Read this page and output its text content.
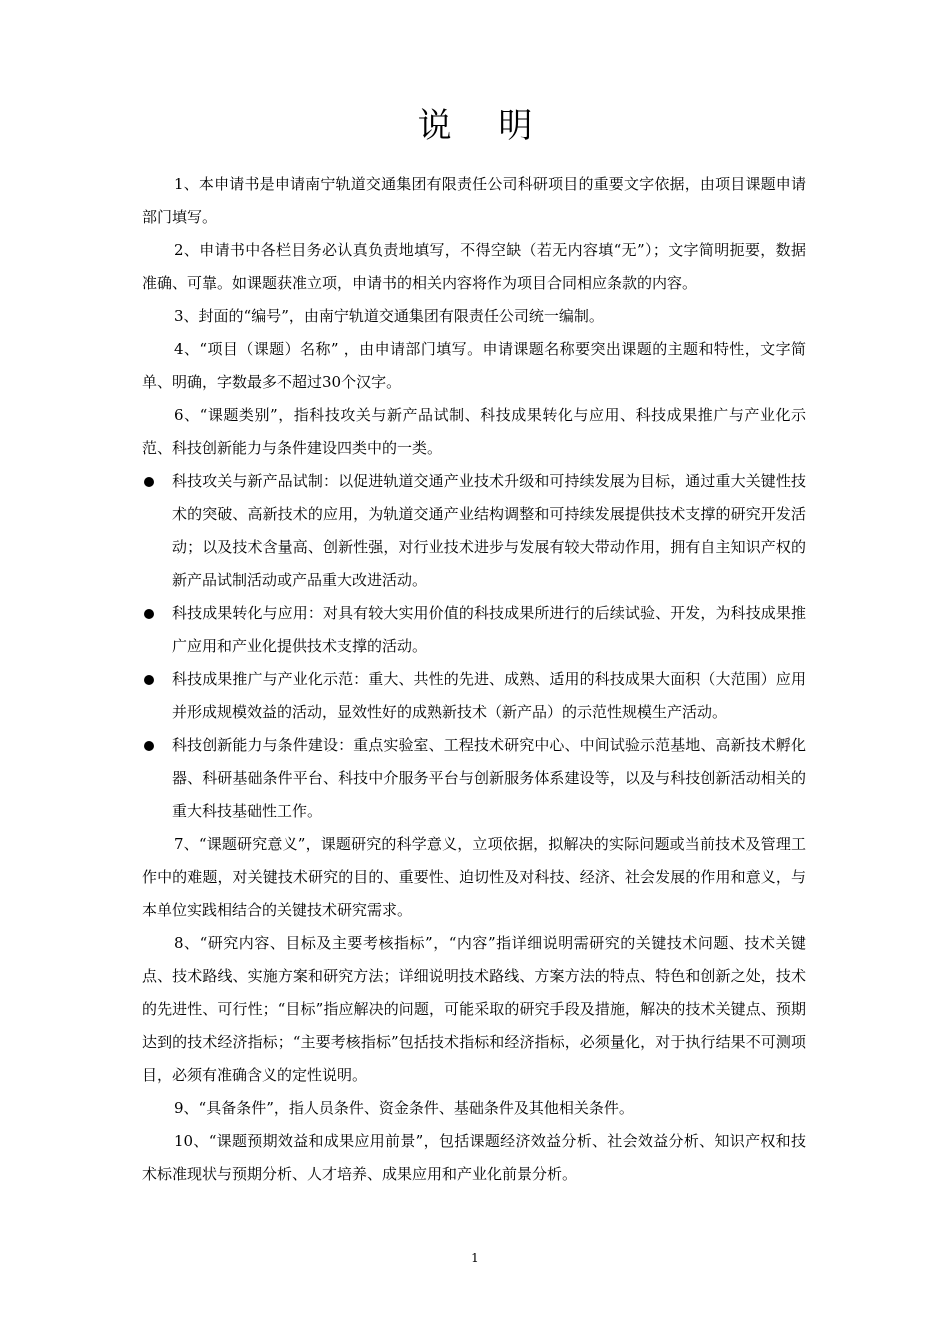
说 明

1、本申请书是申请南宁轨道交通集团有限责任公司科研项目的重要文字依据，由项目课题申请部门填写。

2、申请书中各栏目务必认真负责地填写，不得空缺（若无内容填“无”）；文字简明扼要，数据准确、可靠。如课题获准立项，申请书的相关内容将作为项目合同相应条款的内容。

3、封面的“编号”，由南宁轨道交通集团有限责任公司统一编制。

4、“项目（课题）名称” ，由申请部门填写。申请课题名称要突出课题的主题和特性，文字简单、明确，字数最多不超过30个汉字。

6、“课题类别”，指科技攻关与新产品试制、科技成果转化与应用、科技成果推广与产业化示范、科技创新能力与条件建设四类中的一类。

科技攻关与新产品试制：以促进轨道交通产业技术升级和可持续发展为目标，通过重大关键性技术的突破、高新技术的应用，为轨道交通产业结构调整和可持续发展提供技术支撑的研究开发活动；以及技术含量高、创新性强，对行业技术进步与发展有较大带动作用，拥有自主知识产权的新产品试制活动或产品重大改进活动。
科技成果转化与应用：对具有较大实用价值的科技成果所进行的后续试验、开发，为科技成果推广应用和产业化提供技术支撑的活动。
科技成果推广与产业化示范：重大、共性的先进、成熟、适用的科技成果大面积（大范围）应用并形成规模效益的活动，显效性好的成熟新技术（新产品）的示范性规模生产活动。
科技创新能力与条件建设：重点实验室、工程技术研究中心、中间试验示范基地、高新技术孵化器、科研基础条件平台、科技中介服务平台与创新服务体系建设等，以及与科技创新活动相关的重大科技基础性工作。

7、“课题研究意义”，课题研究的科学意义，立项依据，拟解决的实际问题或当前技术及管理工作中的难题，对关键技术研究的目的、重要性、迫切性及对科技、经济、社会发展的作用和意义，与本单位实践相结合的关键技术研究需求。

8、“研究内容、目标及主要考核指标”，“内容”指详细说明需研究的关键技术问题、技术关键点、技术路线、实施方案和研究方法；详细说明技术路线、方案方法的特点、特色和创新之处，技术的先进性、可行性；“目标”指应解决的问题，可能采取的研究手段及措施，解决的技术关键点、预期达到的技术经济指标；“主要考核指标”包括技术指标和经济指标，必须量化，对于执行结果不可测项目，必须有准确含义的定性说明。

9、“具备条件”，指人员条件、资金条件、基础条件及其他相关条件。

10、“课题预期效益和成果应用前景”，包括课题经济效益分析、社会效益分析、知识产权和技术标准现状与预期分析、人才培养、成果应用和产业化前景分析。

1
